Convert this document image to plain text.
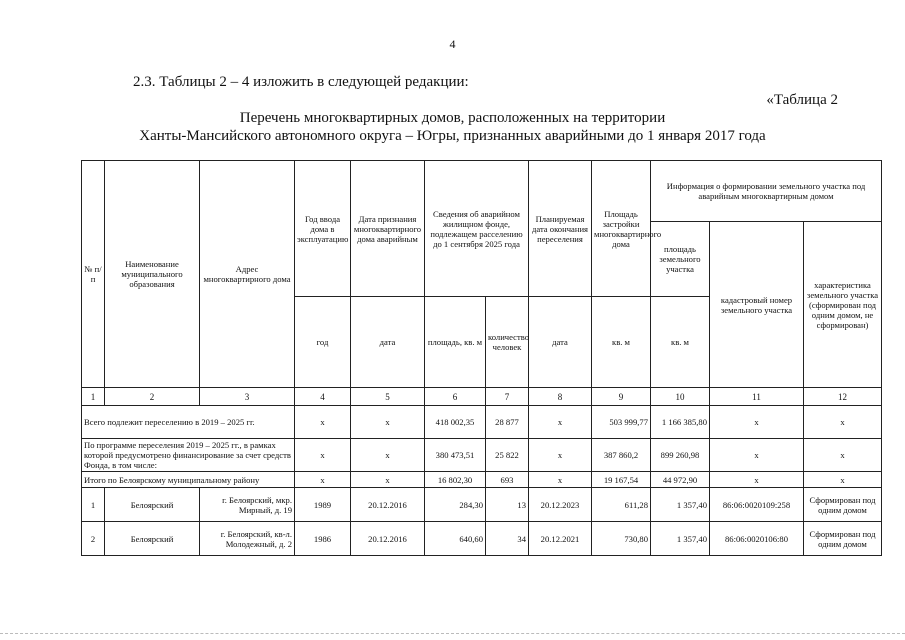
4
2.3. Таблицы 2 – 4 изложить в следующей редакции:
«Таблица 2
Перечень многоквартирных домов, расположенных на территории
Ханты-Мансийского автономного округа – Югры, признанных аварийными до 1 января 2017 года
№ п/п	Наименование муниципального образования	Адрес многоквартирного дома	Год ввода дома в эксплуатацию	Дата признания многоквартирного дома аварийным	Сведения об аварийном жилищном фонде, подлежащем расселению до 1 сентября 2025 года		Планируемая дата окончания переселения	Площадь застройки многоквартирного дома	Информация о формировании земельного участка под аварийным многоквартирным домом		
									площадь земельного участка	кадастровый номер земельного участка	характеристика земельного участка (сформирован под одним домом, не сформирован)
			год	дата	площадь, кв. м	количество человек	дата	кв. м	кв. м		
1	2	3	4	5	6	7	8	9	10	11	12
Всего подлежит переселению в 2019 – 2025 гг.			x	x	418 002,35	28 877	x	503 999,77	1 166 385,80	x	x
По программе переселения 2019 – 2025 гг., в рамках которой предусмотрено финансирование за счет средств Фонда, в том числе:			x	x	380 473,51	25 822	x	387 860,2	899 260,98	x	x
Итого по Белоярскому муниципальному району			x	x	16 802,30	693	x	19 167,54	44 972,90	x	x
1	Белоярский	г. Белоярский, мкр. Мирный, д. 19	1989	20.12.2016	284,30	13	20.12.2023	611,28	1 357,40	86:06:0020109:258	Сформирован под одним домом
2	Белоярский	г. Белоярский, кв-л. Молодежный, д. 2	1986	20.12.2016	640,60	34	20.12.2021	730,80	1 357,40	86:06:0020106:80	Сформирован под одним домом
